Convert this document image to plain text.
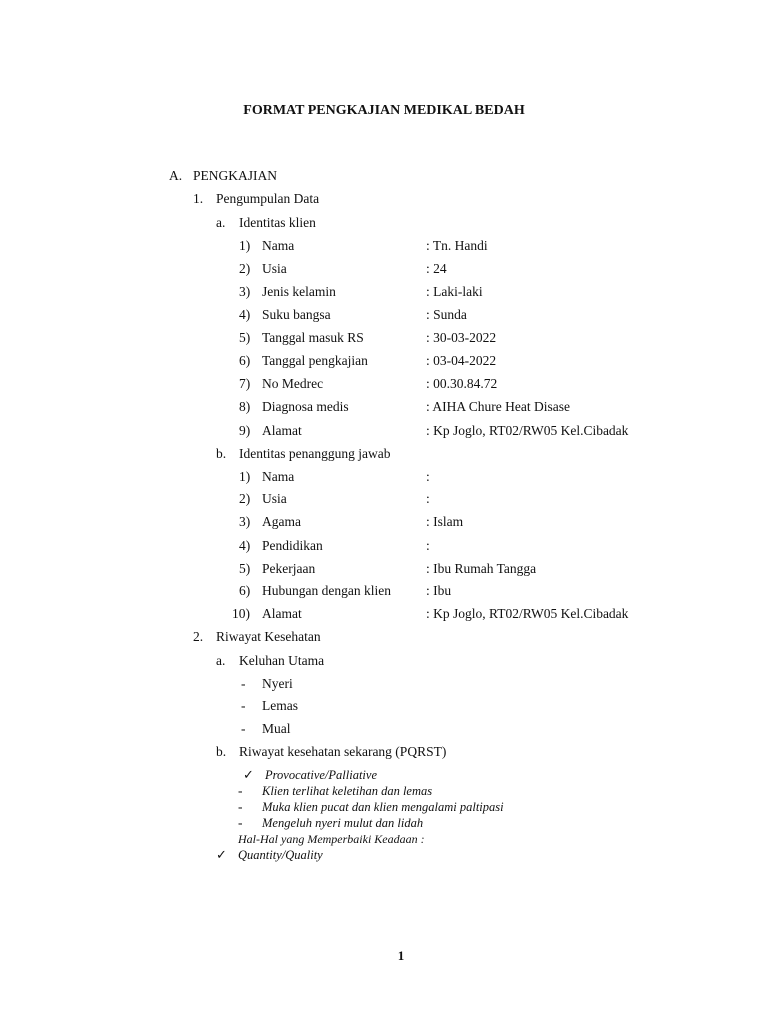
FORMAT PENGKAJIAN MEDIKAL BEDAH
A. PENGKAJIAN
1. Pengumpulan Data
a. Identitas klien
1) Nama	: Tn. Handi
2) Usia	: 24
3) Jenis kelamin	: Laki-laki
4) Suku bangsa	: Sunda
5) Tanggal masuk RS	: 30-03-2022
6) Tanggal pengkajian	: 03-04-2022
7) No Medrec	: 00.30.84.72
8) Diagnosa medis	: AIHA Chure Heat Disase
9) Alamat	: Kp Joglo, RT02/RW05 Kel.Cibadak
b. Identitas penanggung jawab
1) Nama	:
2) Usia	:
3) Agama	: Islam
4) Pendidikan	:
5) Pekerjaan	: Ibu Rumah Tangga
6) Hubungan dengan klien	: Ibu
10) Alamat	: Kp Joglo, RT02/RW05 Kel.Cibadak
2. Riwayat Kesehatan
a. Keluhan Utama
- Nyeri
- Lemas
- Mual
b. Riwayat kesehatan sekarang (PQRST)
✓ Provocative/Palliative
- Klien terlihat keletihan dan lemas
- Muka klien pucat dan klien mengalami paltipasi
- Mengeluh nyeri mulut dan lidah
Hal-Hal yang Memperbaiki Keadaan :
✓ Quantity/Quality
1
